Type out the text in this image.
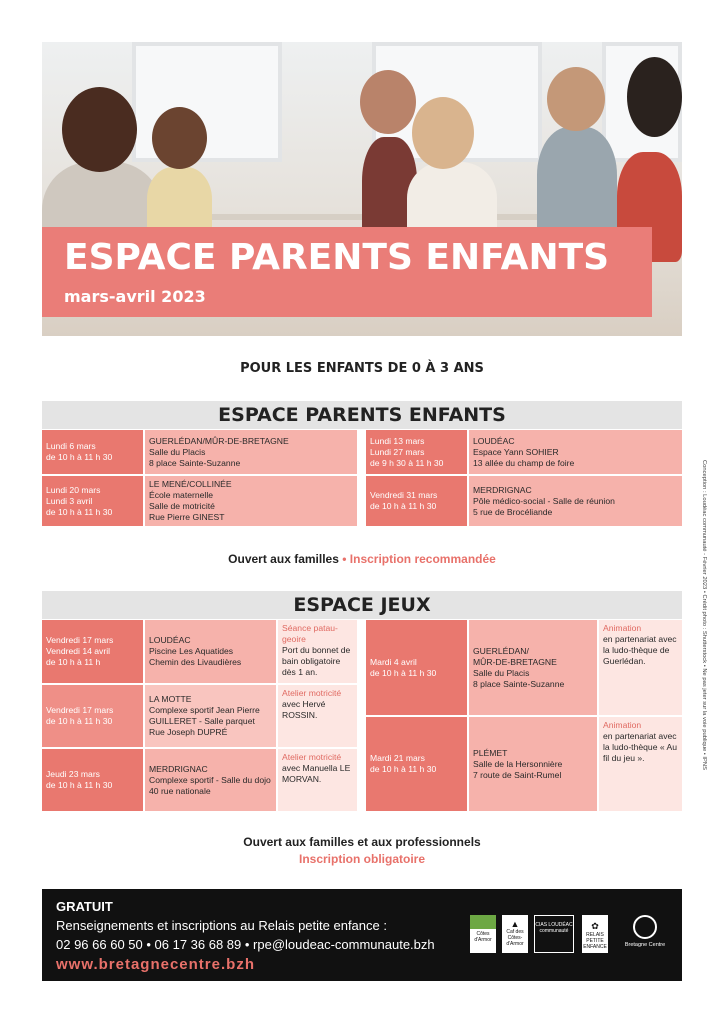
ESPACE PARENTS ENFANTS
mars-avril 2023
POUR LES ENFANTS DE 0 À 3 ANS
ESPACE PARENTS ENFANTS
Lundi 6 mars
de 10 h à 11 h 30
GUERLÉDAN/MÛR-DE-BRETAGNE
Salle du Placis
8 place Sainte-Suzanne
Lundi 20 mars
Lundi 3 avril
de 10 h à 11 h 30
LE MENÉ/COLLINÉE
École maternelle
Salle de motricité
Rue Pierre GINEST
Lundi 13 mars
Lundi 27 mars
de 9 h 30 à 11 h 30
LOUDÉAC
Espace Yann SOHIER
13 allée du champ de foire
Vendredi 31 mars
de 10 h à 11 h 30
MERDRIGNAC
Pôle médico-social - Salle de réunion
5 rue de Brocéliande
Ouvert aux familles • Inscription recommandée
ESPACE JEUX
Vendredi 17 mars
Vendredi 14 avril
de 10 h à 11 h
LOUDÉAC
Piscine Les Aquatides
Chemin des Livaudières
Séance patau-geoire
Port du bonnet de bain obligatoire dès 1 an.
Vendredi 17 mars
de 10 h à 11 h 30
LA MOTTE
Complexe sportif Jean Pierre GUILLERET - Salle parquet
Rue Joseph DUPRÉ
Atelier motricité
avec Hervé ROSSIN.
Jeudi 23 mars
de 10 h à 11 h 30
MERDRIGNAC
Complexe sportif - Salle du dojo
40 rue nationale
Atelier motricité
avec Manuella LE MORVAN.
Mardi 4 avril
de 10 h à 11 h 30
GUERLÉDAN/
MÛR-DE-BRETAGNE
Salle du Placis
8 place Sainte-Suzanne
Animation
en partenariat avec la ludo-thèque de Guerlédan.
Mardi 21 mars
de 10 h à 11 h 30
PLÉMET
Salle de la Hersonnière
7 route de Saint-Rumel
Animation
en partenariat avec la ludo-thèque « Au fil du jeu ».
Ouvert aux familles et aux professionnels
Inscription obligatoire
Conception : Loudéac communauté - Février 2023 • Crédit photo : Shutterstock • Ne pas jeter sur la voie publique • IPNS
GRATUIT
Renseignements et inscriptions au Relais petite enfance :
02 96 66 60 50 • 06 17 36 68 89 • rpe@loudeac-communaute.bzh
www.bretagnecentre.bzh
Côtes d'Armor
▲
Caf des Côtes-d'Armor
CIAS LOUDÉAC communauté	✿
RELAIS PETITE ENFANCE	Bretagne Centre
